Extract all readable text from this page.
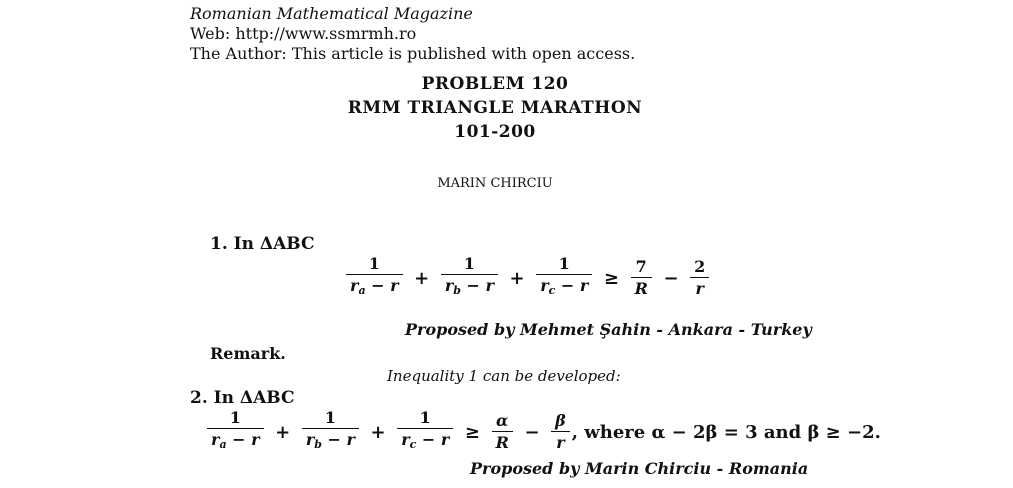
Romanian Mathematical Magazine
Web: http://www.ssmrmh.ro
The Author: This article is published with open access.
PROBLEM 120
RMM TRIANGLE MARATHON
101-200
MARIN CHIRCIU
1. In ΔABC
$\frac{1}{r_a - r} + \frac{1}{r_b - r} + \frac{1}{r_c - r} \ge \frac{7}{R} - \frac{2}{r}$
Proposed by Mehmet Şahin - Ankara - Turkey
Remark.
Inequality 1 can be developed:
2. In ΔABC
$\frac{1}{r_a - r} + \frac{1}{r_b - r} + \frac{1}{r_c - r} \ge \frac{\alpha}{R} - \frac{\beta}{r}$ , where α − 2β = 3 and β ≥ −2.
Proposed by Marin Chirciu - Romania
